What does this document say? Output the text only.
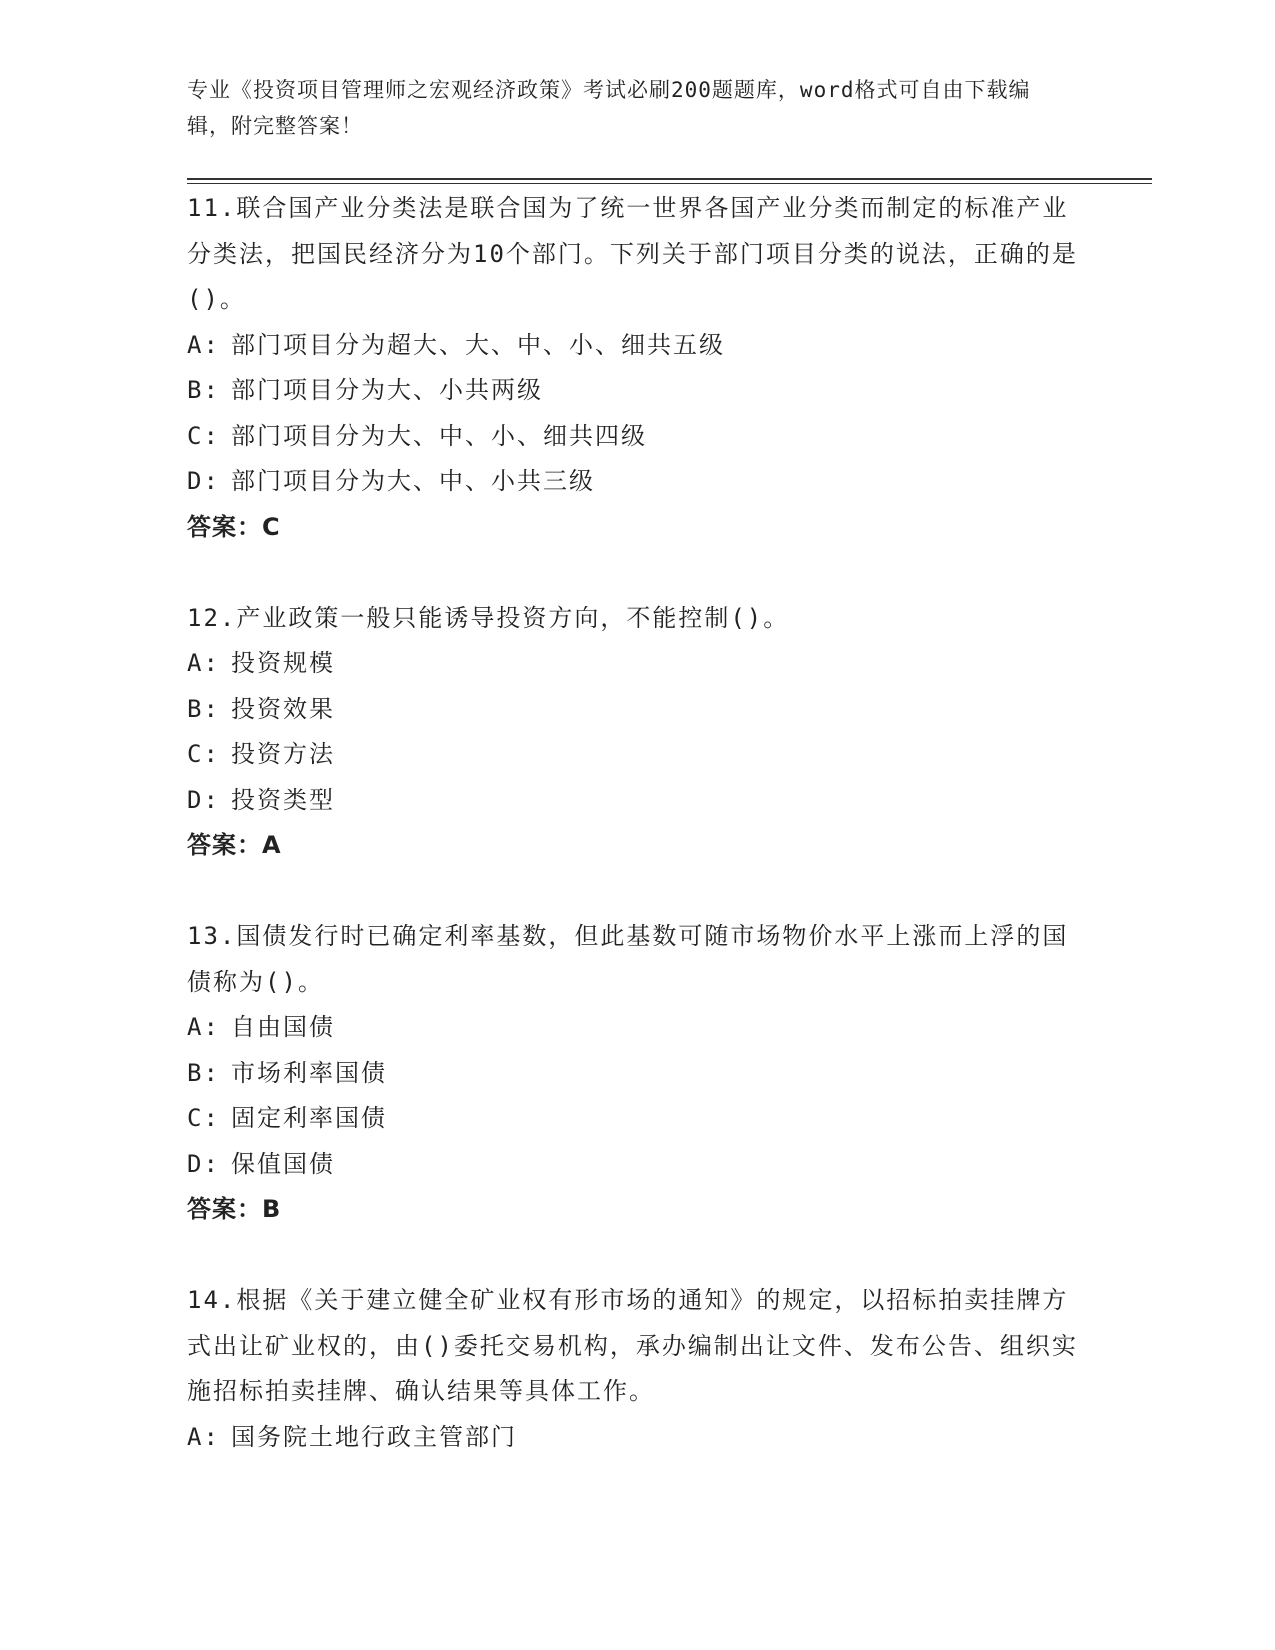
专业《投资项目管理师之宏观经济政策》考试必刷200题题库，word格式可自由下载编辑，附完整答案！
11.联合国产业分类法是联合国为了统一世界各国产业分类而制定的标准产业分类法，把国民经济分为10个部门。下列关于部门项目分类的说法，正确的是()。
A: 部门项目分为超大、大、中、小、细共五级
B: 部门项目分为大、小共两级
C: 部门项目分为大、中、小、细共四级
D: 部门项目分为大、中、小共三级
答案：C
12.产业政策一般只能诱导投资方向，不能控制()。
A: 投资规模
B: 投资效果
C: 投资方法
D: 投资类型
答案：A
13.国债发行时已确定利率基数，但此基数可随市场物价水平上涨而上浮的国债称为()。
A: 自由国债
B: 市场利率国债
C: 固定利率国债
D: 保值国债
答案：B
14.根据《关于建立健全矿业权有形市场的通知》的规定，以招标拍卖挂牌方式出让矿业权的，由()委托交易机构，承办编制出让文件、发布公告、组织实施招标拍卖挂牌、确认结果等具体工作。
A: 国务院土地行政主管部门
